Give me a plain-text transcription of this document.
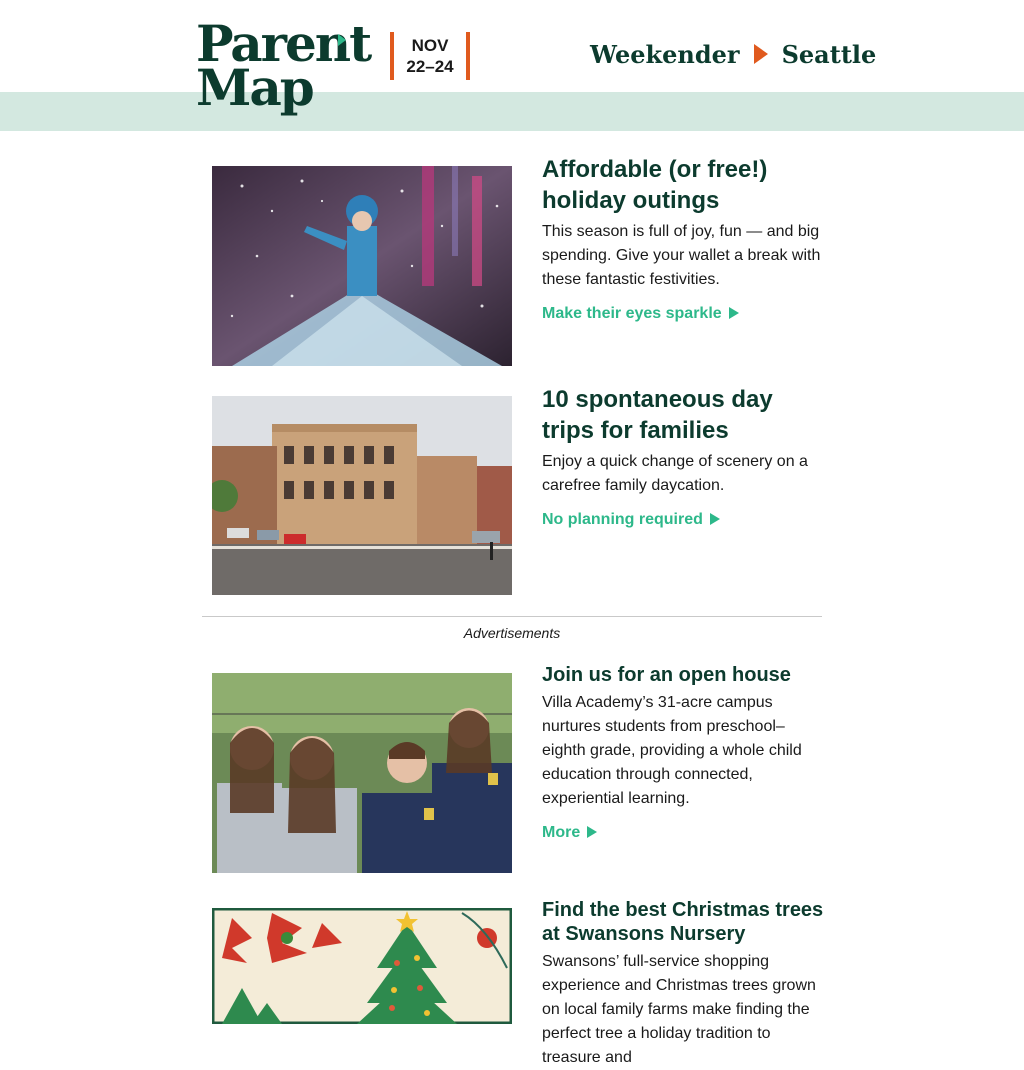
Parent
Map
NOV
22–24	Weekender Seattle
Affordable (or free!) holiday outings

This season is full of joy, fun — and big spending. Give your wallet a break with these fantastic festivities.

Make their eyes sparkle
10 spontaneous day trips for families

Enjoy a quick change of scenery on a carefree family daycation.

No planning required
Advertisements
Join us for an open house

Villa Academy’s 31-acre campus nurtures students from preschool–eighth grade, providing a whole child education through connected, experiential learning.

More
Find the best Christmas trees at Swansons Nursery

Swansons’ full-service shopping experience and Christmas trees grown on local family farms make finding the perfect tree a holiday tradition to treasure and
